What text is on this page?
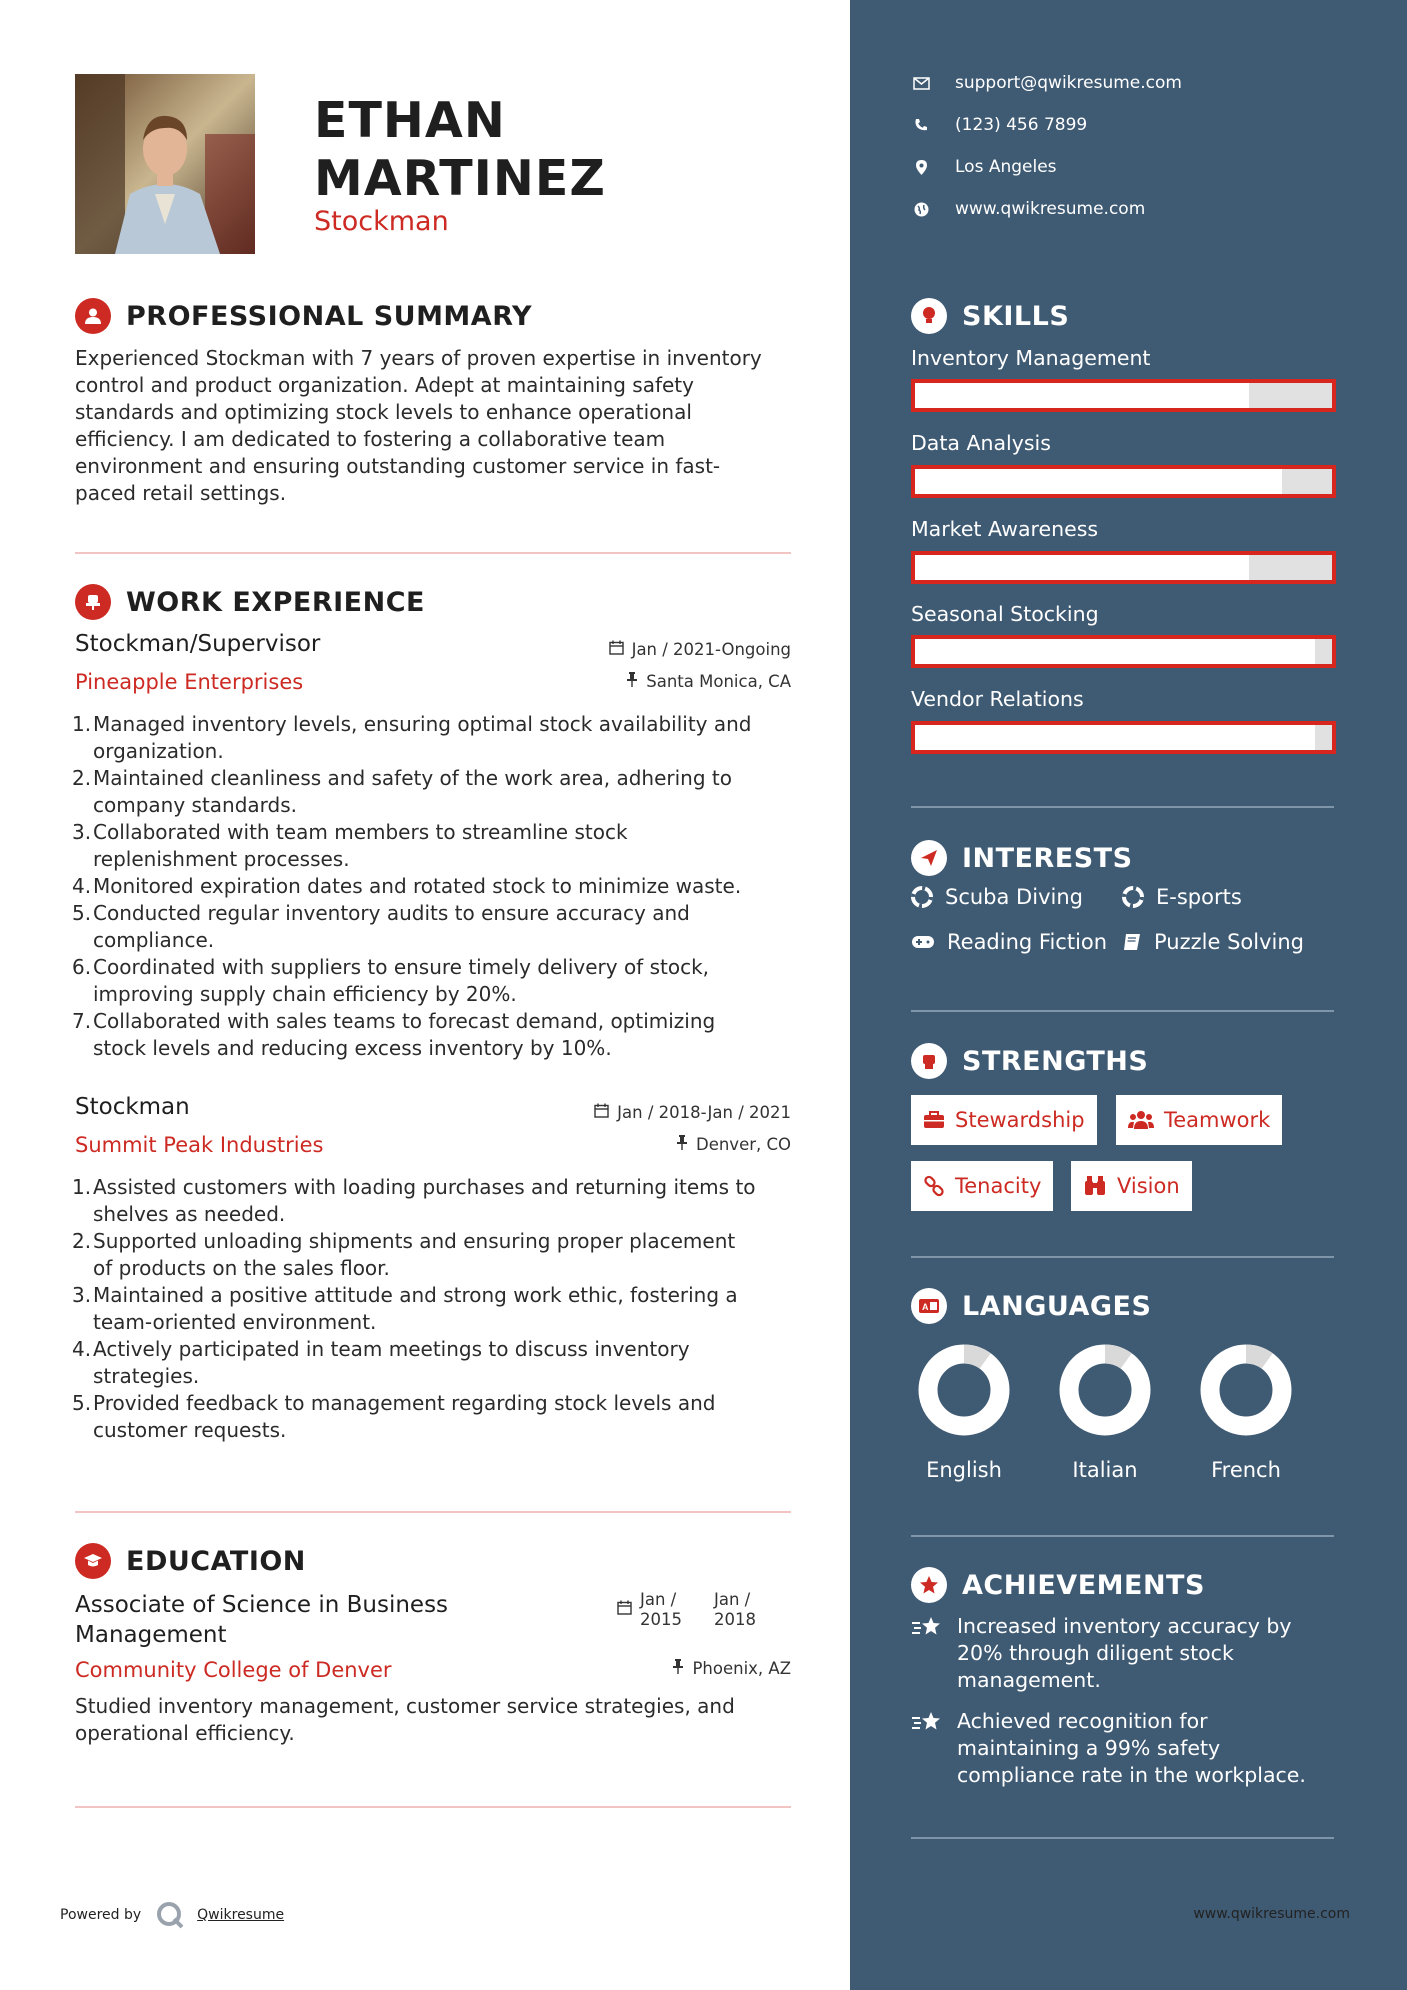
ETHAN
MARTINEZ
Stockman
PROFESSIONAL SUMMARY
Experienced Stockman with 7 years of proven expertise in inventory
control and product organization. Adept at maintaining safety
standards and optimizing stock levels to enhance operational
efficiency. I am dedicated to fostering a collaborative team
environment and ensuring outstanding customer service in fast-
paced retail settings.
WORK EXPERIENCE
Stockman/Supervisor
Pineapple Enterprises
Jan / 2021-Ongoing
Santa Monica, CA
1. Managed inventory levels, ensuring optimal stock availability and
organization.
2. Maintained cleanliness and safety of the work area, adhering to
company standards.
3. Collaborated with team members to streamline stock
replenishment processes.
4. Monitored expiration dates and rotated stock to minimize waste.
5. Conducted regular inventory audits to ensure accuracy and
compliance.
6. Coordinated with suppliers to ensure timely delivery of stock,
improving supply chain efficiency by 20%.
7. Collaborated with sales teams to forecast demand, optimizing
stock levels and reducing excess inventory by 10%.
Stockman
Summit Peak Industries
Jan / 2018-Jan / 2021
Denver, CO
1. Assisted customers with loading purchases and returning items to
shelves as needed.
2. Supported unloading shipments and ensuring proper placement
of products on the sales floor.
3. Maintained a positive attitude and strong work ethic, fostering a
team-oriented environment.
4. Actively participated in team meetings to discuss inventory
strategies.
5. Provided feedback to management regarding stock levels and
customer requests.
EDUCATION
Associate of Science in Business
Management
Community College of Denver
Jan /
2015
Jan /
2018
Phoenix, AZ
Studied inventory management, customer service strategies, and
operational efficiency.
Powered by	Qwikresume
support@qwikresume.com
(123) 456 7899
Los Angeles
www.qwikresume.com
SKILLS
Inventory Management
Data Analysis
Market Awareness
Seasonal Stocking
Vendor Relations
INTERESTS
Scuba Diving	E-sports
Reading Fiction Puzzle Solving
STRENGTHS
Stewardship	Teamwork
Tenacity	Vision
A LANGUAGES
English	Italian	French
ACHIEVEMENTS
Increased inventory accuracy by
20% through diligent stock
management.
Achieved recognition for
maintaining a 99% safety
compliance rate in the workplace.
www.qwikresume.com
